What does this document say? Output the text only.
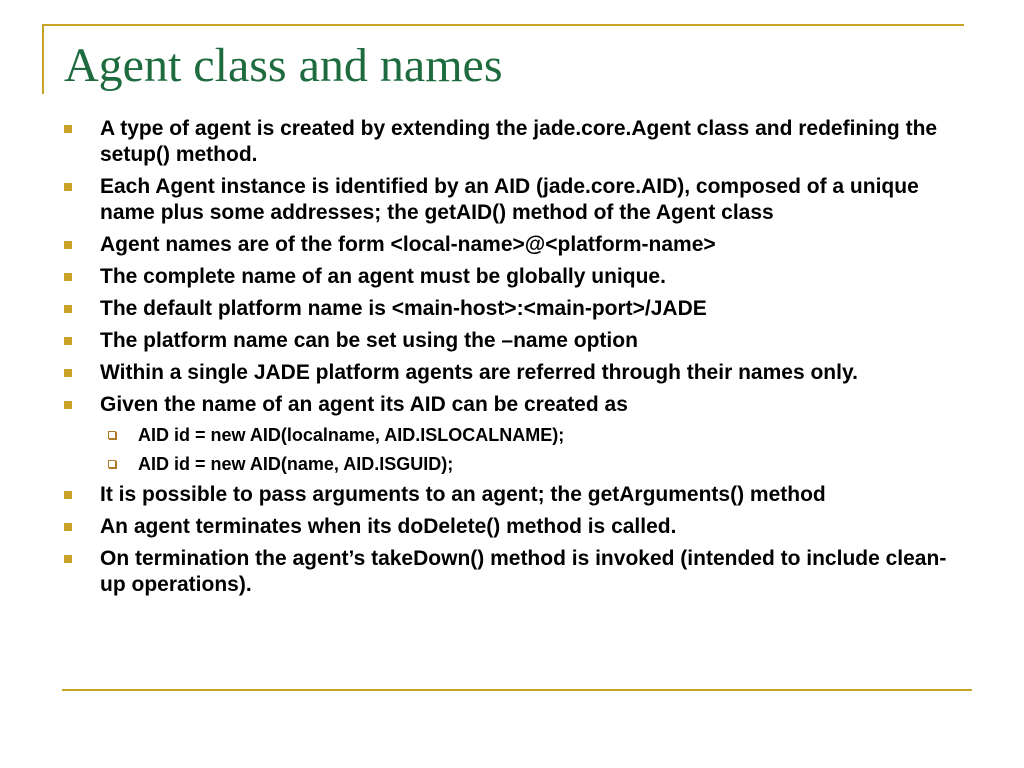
Agent class and names
A type of agent is created by extending the jade.core.Agent class and redefining the setup() method.
Each Agent instance is identified by an AID (jade.core.AID), composed of a unique name plus some addresses; the getAID() method of the Agent class
Agent names are of the form <local-name>@<platform-name>
The complete name of an agent must be globally unique.
The default platform name is <main-host>:<main-port>/JADE
The platform name can be set using the –name option
Within a single JADE platform agents are referred through their names only.
Given the name of an agent its AID can be created as
AID id = new AID(localname, AID.ISLOCALNAME);
AID id = new AID(name, AID.ISGUID);
It is possible to pass arguments to an agent; the getArguments() method
An agent terminates when its doDelete() method is called.
On termination the agent’s takeDown() method is invoked (intended to include clean-up operations).
